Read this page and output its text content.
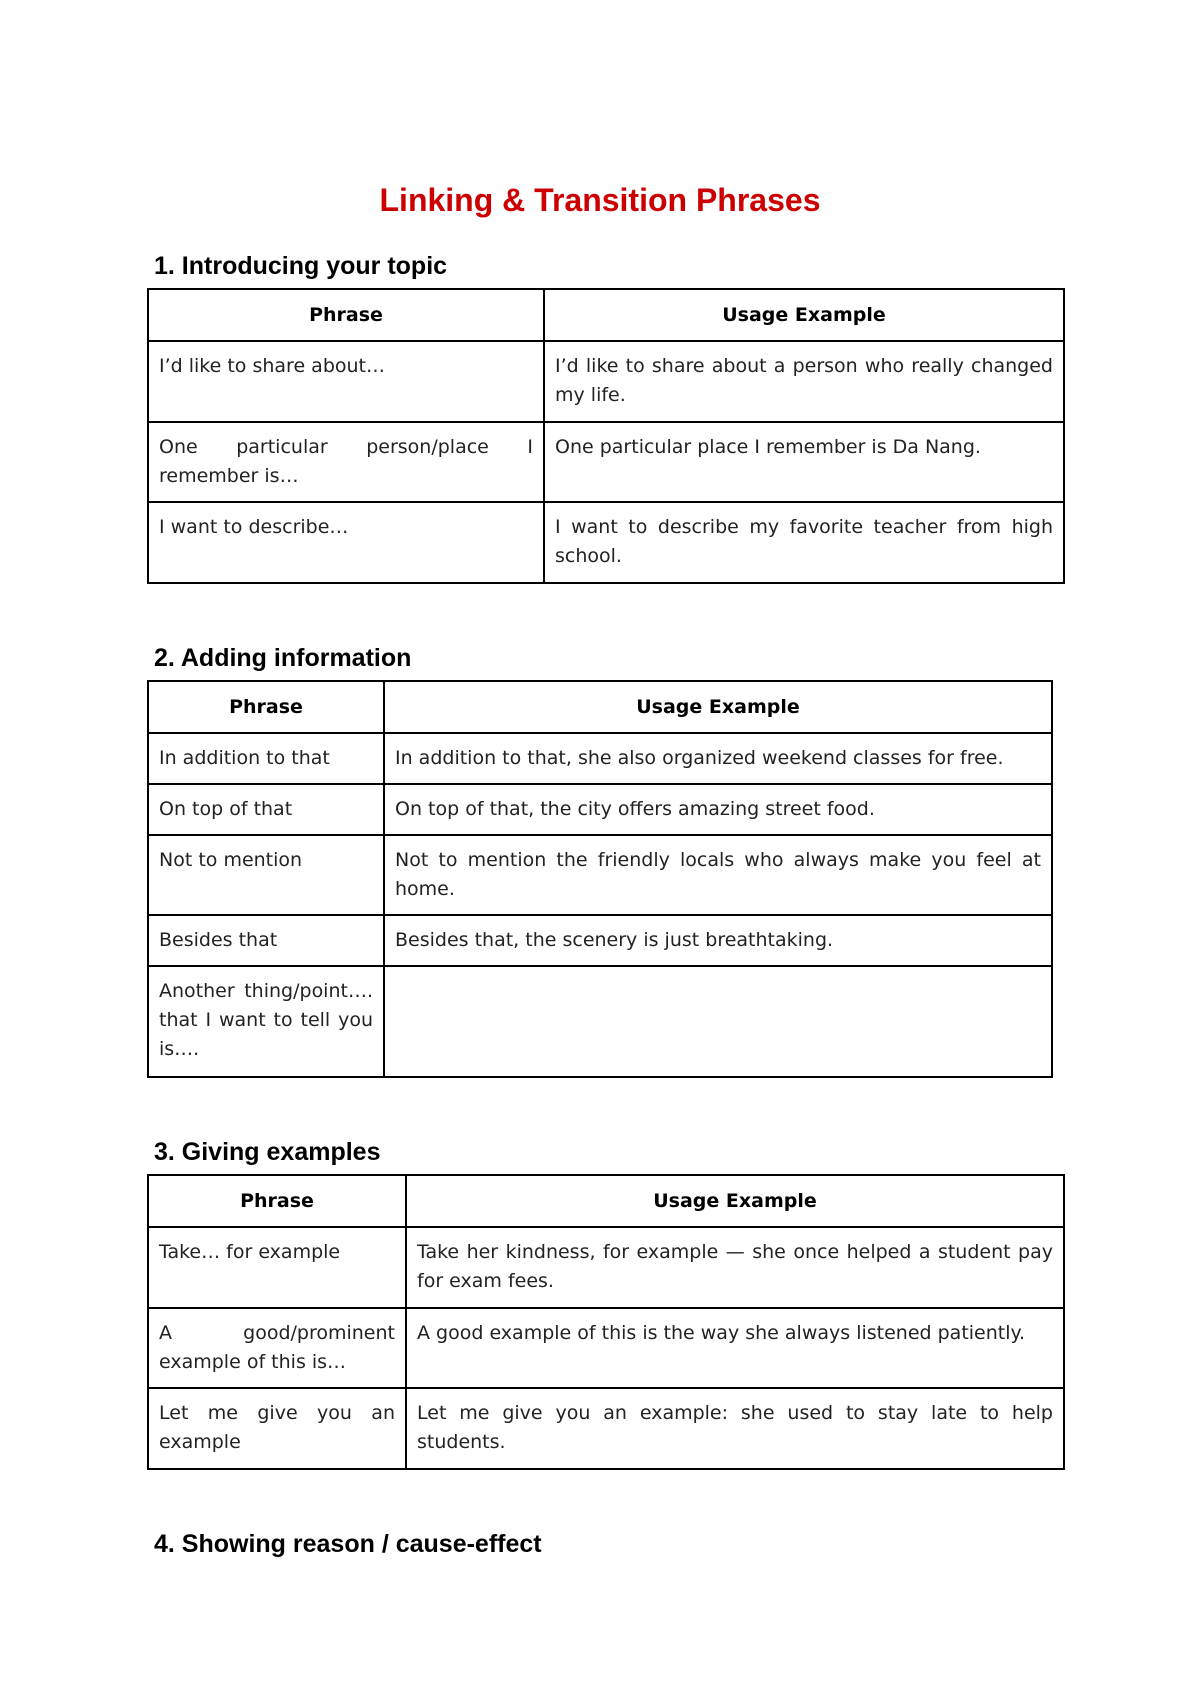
Linking & Transition Phrases
1. Introducing your topic
Phrase	Usage Example
I’d like to share about…	I’d like to share about a person who really changed my life.
One particular person/place I remember is…	One particular place I remember is Da Nang.
I want to describe…	I want to describe my favorite teacher from high school.
2. Adding information
Phrase	Usage Example
In addition to that	In addition to that, she also organized weekend classes for free.
On top of that	On top of that, the city offers amazing street food.
Not to mention	Not to mention the friendly locals who always make you feel at home.
Besides that	Besides that, the scenery is just breathtaking.
Another thing/point…. that I want to tell you is….	
3. Giving examples
Phrase	Usage Example
Take… for example	Take her kindness, for example — she once helped a student pay for exam fees.
A good/prominent example of this is…	A good example of this is the way she always listened patiently.
Let me give you an example	Let me give you an example: she used to stay late to help students.
4. Showing reason / cause-effect
